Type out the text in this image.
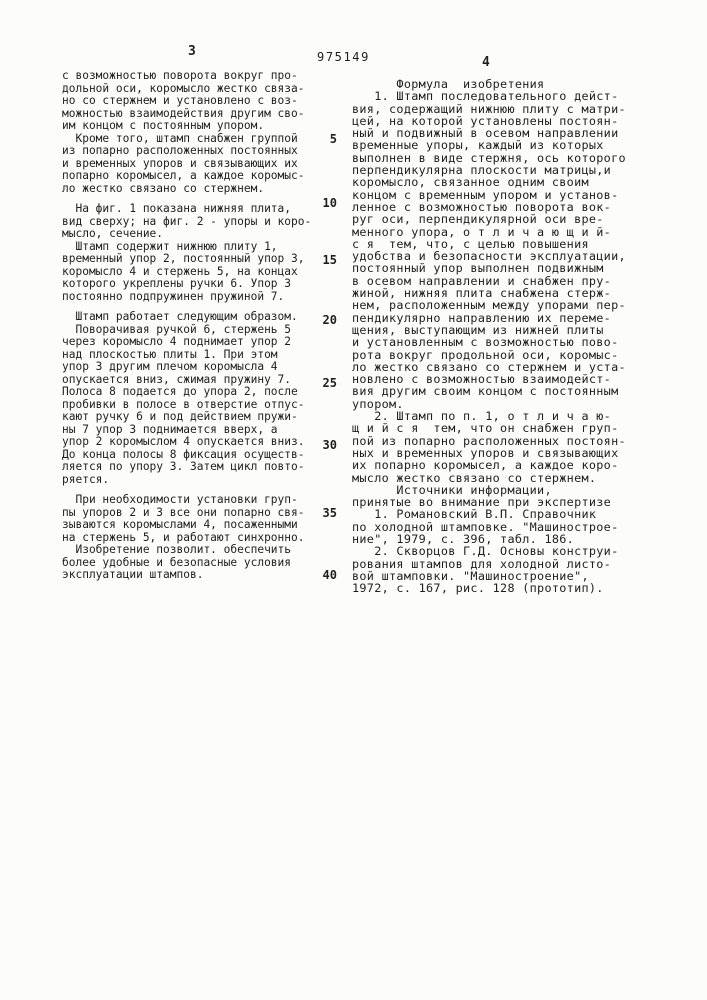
3	975149	4
с возможностью поворота вокруг про-
дольной оси, коромысло жестко связа-
но со стержнем и установлено с воз-
можностью взаимодействия другим сво-
им концом с постоянным упором.
Кроме того, штамп снабжен группой
из попарно расположенных постоянных
и временных упоров и связывающих их
попарно коромысел, а каждое коромыс-
ло жестко связано со стержнем.
На фиг. 1 показана нижняя плита,
вид сверху; на фиг. 2 - упоры и коро-
мысло, сечение.
Штамп содержит нижнюю плиту 1,
временный упор 2, постоянный упор 3,
коромысло 4 и стержень 5, на концах
которого укреплены ручки 6. Упор 3
постоянно подпружинен пружиной 7.
Штамп работает следующим образом.
Поворачивая ручкой 6, стержень 5
через коромысло 4 поднимает упор 2
над плоскостью плиты 1. При этом
упор 3 другим плечом коромысла 4
опускается вниз, сжимая пружину 7.
Полоса 8 подается до упора 2, после
пробивки в полосе в отверстие отпус-
кают ручку 6 и под действием пружи-
ны 7 упор 3 поднимается вверх, а
упор 2 коромыслом 4 опускается вниз.
До конца полосы 8 фиксация осуществ-
ляется по упору 3. Затем цикл повто-
ряется.
При необходимости установки груп-
пы упоров 2 и 3 все они попарно свя-
зываются коромыслами 4, посаженными
на стержень 5, и работают синхронно.
Изобретение позволит. обеспечить
более удобные и безопасные условия
эксплуатации штампов.
5
10
15
20
25
30
35
40
Формула  изобретения
1. Штамп последовательного дейст-
вия, содержащий нижнюю плиту с матри-
цей, на которой установлены постоян-
ный и подвижный в осевом направлении
временные упоры, каждый из которых
выполнен в виде стержня, ось которого
перпендикулярна плоскости матрицы,и
коромысло, связанное одним своим
концом с временным упором и установ-
ленное с возможностью поворота вок-
руг оси, перпендикулярной оси вре-
менного упора, о т л и ч а ю щ и й-
с я  тем, что, с целью повышения
удобства и безопасности эксплуатации,
постоянный упор выполнен подвижным
в осевом направлении и снабжен пру-
жиной, нижняя плита снабжена стерж-
нем, расположенным между упорами пер-
пендикулярно направлению их переме-
щения, выступающим из нижней плиты
и установленным с возможностью пово-
рота вокруг продольной оси, коромыс-
ло жестко связано со стержнем и уста-
новлено с возможностью взаимодейст-
вия другим своим концом с постоянным
упором.
2. Штамп по п. 1, о т л и ч а ю-
щ и й с я  тем, что он снабжен груп-
пой из попарно расположенных постоян-
ных и временных упоров и связывающих
их попарно коромысел, а каждое коро-
мысло жестко связано со стержнем.
Источники информации,
принятые во внимание при экспертизе
1. Романовский В.П. Справочник
по холодной штамповке. "Машиностроe-
ние", 1979, с. 396, табл. 186.
2. Скворцов Г.Д. Основы конструи-
рования штампов для холодной листо-
вой штамповки. "Машиностроение",
1972, с. 167, рис. 128 (прототип).
